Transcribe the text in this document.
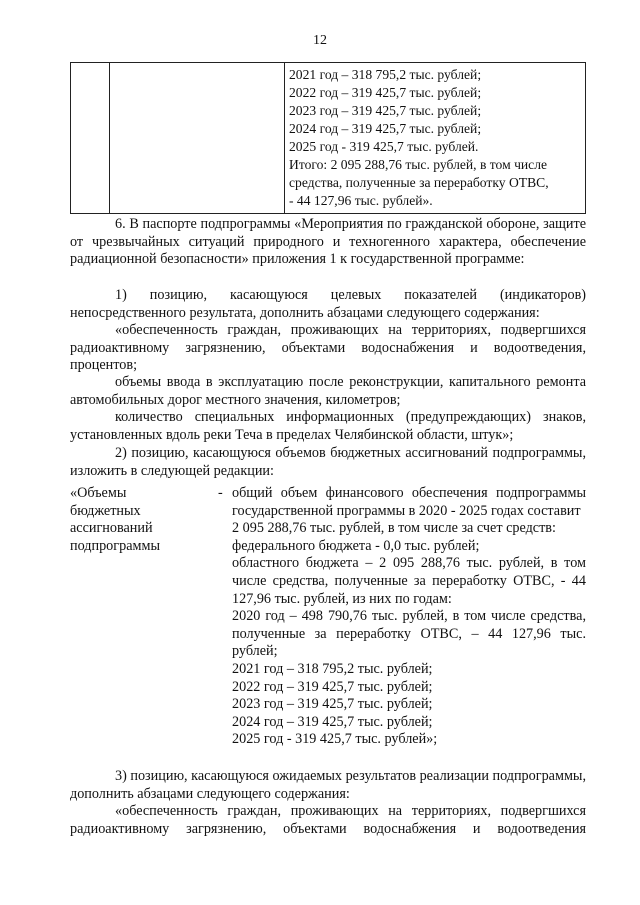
12

2021 год – 318 795,2 тыс. рублей;
2022 год – 319 425,7 тыс. рублей;
2023 год – 319 425,7 тыс. рублей;
2024 год – 319 425,7 тыс. рублей;
2025 год - 319 425,7 тыс. рублей.
Итого: 2 095 288,76 тыс. рублей, в том числе
средства, полученные за переработку ОТВС,
- 44 127,96 тыс. рублей».
6. В паспорте подпрограммы «Мероприятия по гражданской обороне, защите от чрезвычайных ситуаций природного и техногенного характера, обеспечение радиационной безопасности» приложения 1 к государственной программе:
1) позицию, касающуюся целевых показателей (индикаторов) непосредственного результата, дополнить абзацами следующего содержания:
«обеспеченность граждан, проживающих на территориях, подвергшихся радиоактивному загрязнению, объектами водоснабжения и водоотведения, процентов;
объемы ввода в эксплуатацию после реконструкции, капитального ремонта автомобильных дорог местного значения, километров;
количество специальных информационных (предупреждающих) знаков, установленных вдоль реки Теча в пределах Челябинской области, штук»;
2) позицию, касающуюся объемов бюджетных ассигнований подпрограммы, изложить в следующей редакции:
«Объемы
бюджетных
ассигнований
подпрограммы
- общий объем финансового обеспечения подпрограммы государственной программы в 2020 - 2025 годах составит
2 095 288,76 тыс. рублей, в том числе за счет средств:
федерального бюджета - 0,0 тыс. рублей;
областного бюджета – 2 095 288,76 тыс. рублей, в том числе средства, полученные за переработку ОТВС, - 44 127,96 тыс. рублей, из них по годам:
2020 год – 498 790,76 тыс. рублей, в том числе средства, полученные за переработку ОТВС, – 44 127,96 тыс. рублей;
2021 год – 318 795,2 тыс. рублей;
2022 год – 319 425,7 тыс. рублей;
2023 год – 319 425,7 тыс. рублей;
2024 год – 319 425,7 тыс. рублей;
2025 год - 319 425,7 тыс. рублей»;
3) позицию, касающуюся ожидаемых результатов реализации подпрограммы, дополнить абзацами следующего содержания:
«обеспеченность граждан, проживающих на территориях, подвергшихся радиоактивному загрязнению, объектами водоснабжения и водоотведения
